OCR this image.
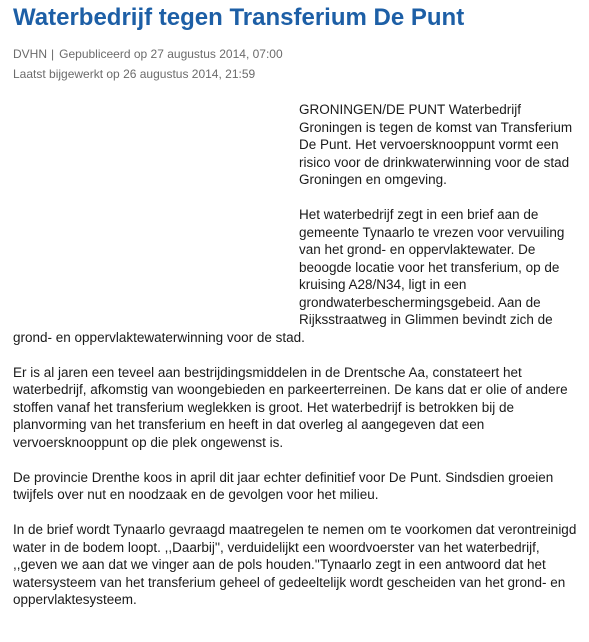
Waterbedrijf tegen Transferium De Punt
DVHN | Gepubliceerd op 27 augustus 2014, 07:00
Laatst bijgewerkt op 26 augustus 2014, 21:59

GRONINGEN/DE PUNT Waterbedrijf Groningen is tegen de komst van Transferium De Punt. Het vervoersknooppunt vormt een risico voor de drinkwaterwinning voor de stad Groningen en omgeving.

Het waterbedrijf zegt in een brief aan de gemeente Tynaarlo te vrezen voor vervuiling van het grond- en oppervlaktewater. De beoogde locatie voor het transferium, op de kruising A28/N34, ligt in een grondwaterbeschermingsgebeid. Aan de Rijksstraatweg in Glimmen bevindt zich de grond- en oppervlaktewaterwinning voor de stad.

Er is al jaren een teveel aan bestrijdingsmiddelen in de Drentsche Aa, constateert het waterbedrijf, afkomstig van woongebieden en parkeerterreinen. De kans dat er olie of andere stoffen vanaf het transferium weglekken is groot. Het waterbedrijf is betrokken bij de planvorming van het transferium en heeft in dat overleg al aangegeven dat een vervoersknooppunt op die plek ongewenst is.

De provincie Drenthe koos in april dit jaar echter definitief voor De Punt. Sindsdien groeien twijfels over nut en noodzaak en de gevolgen voor het milieu.

In de brief wordt Tynaarlo gevraagd maatregelen te nemen om te voorkomen dat verontreinigd water in de bodem loopt. ,,Daarbij'', verduidelijkt een woordvoerster van het waterbedrijf, ,,geven we aan dat we vinger aan de pols houden.''Tynaarlo zegt in een antwoord dat het watersysteem van het transferium geheel of gedeeltelijk wordt gescheiden van het grond- en oppervlaktesysteem.
